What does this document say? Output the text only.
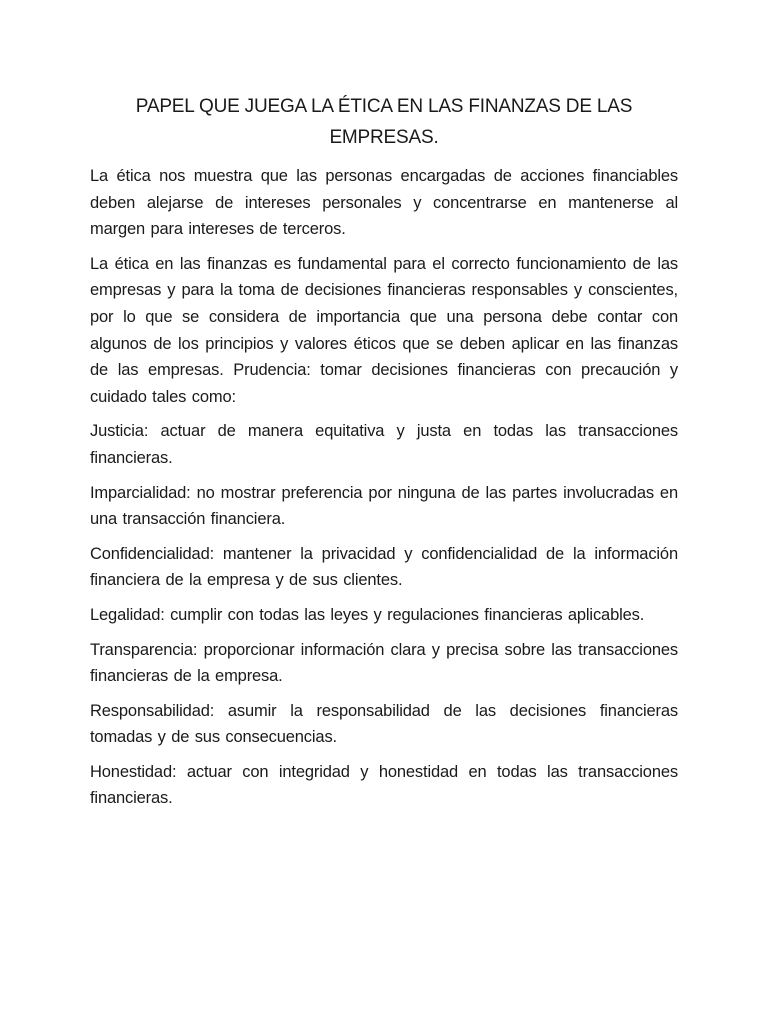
PAPEL QUE JUEGA LA ÉTICA EN LAS FINANZAS DE LAS EMPRESAS.

La ética nos muestra que las personas encargadas de acciones financiables deben alejarse de intereses personales y concentrarse en mantenerse al margen para intereses de terceros.

La ética en las finanzas es fundamental para el correcto funcionamiento de las empresas y para la toma de decisiones financieras responsables y conscientes, por lo que se considera de importancia que una persona debe contar con algunos de los principios y valores éticos que se deben aplicar en las finanzas de las empresas. Prudencia: tomar decisiones financieras con precaución y cuidado tales como:

Justicia: actuar de manera equitativa y justa en todas las transacciones financieras.

Imparcialidad: no mostrar preferencia por ninguna de las partes involucradas en una transacción financiera.

Confidencialidad: mantener la privacidad y confidencialidad de la información financiera de la empresa y de sus clientes.

Legalidad: cumplir con todas las leyes y regulaciones financieras aplicables.

Transparencia: proporcionar información clara y precisa sobre las transacciones financieras de la empresa.

Responsabilidad: asumir la responsabilidad de las decisiones financieras tomadas y de sus consecuencias.

Honestidad: actuar con integridad y honestidad en todas las transacciones financieras.
